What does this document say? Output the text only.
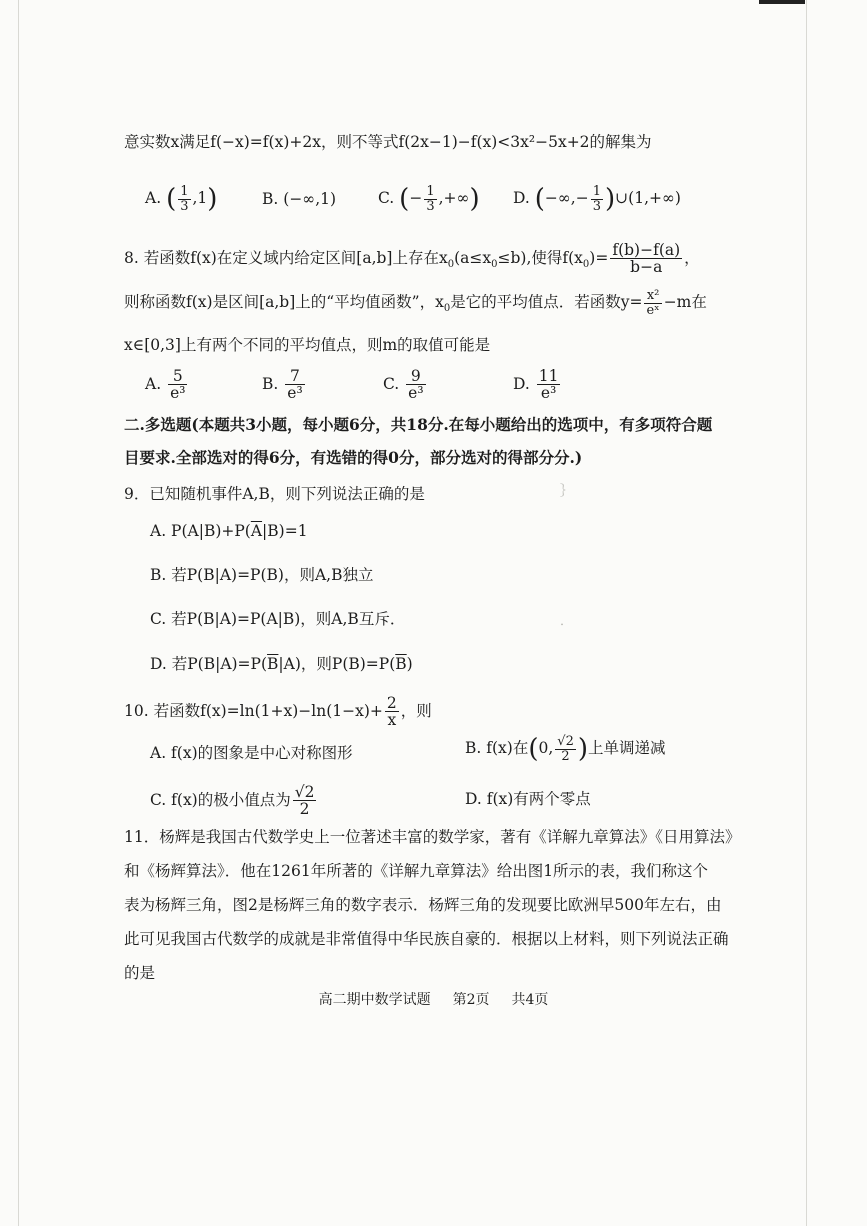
｝
．
意实数x满足f(−x)=f(x)+2x，则不等式f(2x−1)−f(x)<3x²−5x+2的解集为
A. ( $\frac{1}{3} ,1$)	B. (−∞,1)	C. (− $\frac{1}{3}$ ,+∞) D. (−∞,− $\frac{1}{3}$ )∪(1,+∞)
8. 若函数f(x)在定义域内给定区间[a,b]上存在$x_0(a\le x_0\le b)$,使得$f(x_0)= \frac{f(b)-f(a)}{b-a}$ ，
则称函数f(x)是区间[a,b]上的“平均值函数”，$x_0$是它的平均值点．若函数$y= \frac{\text{x²}}{\text{eˣ}} -m$在
x∈[0,3]上有两个不同的平均值点，则m的取值可能是
A. $\frac{5}{\text{e³}}$	B. $\frac{7}{\text{e³}}$	C. $\frac{9}{\text{e³}}$	D. $\frac{11}{\text{e³}}$
二.多选题(本题共3小题，每小题6分，共18分.在每小题给出的选项中，有多项符合题
目要求.全部选对的得6分，有选错的得0分，部分选对的得部分分.)
9．已知随机事件A,B，则下列说法正确的是
A. $P(A|B)+P(\overline{A}|B)=1$
B. 若P(B|A)=P(B)，则A,B独立
C. 若P(B|A)=P(A|B)，则A,B互斥．
D. 若$P(B|A)=P(\overline{B}|A)$，则$P(B)=P(\overline{B})$
10. 若函数$f(x)=\ln(1+x)-\ln(1-x)+ \frac{2}{x}$ ，则
A. f(x)的图象是中心对称图形	B. f(x)在(0, $\frac{√2}{2}$ )上单调递减
C. f(x)的极小值点为 $\frac{√2}{2}$	D. f(x)有两个零点
11．杨辉是我国古代数学史上一位著述丰富的数学家，著有《详解九章算法》《日用算法》
和《杨辉算法》．他在1261年所著的《详解九章算法》给出图1所示的表，我们称这个
表为杨辉三角，图2是杨辉三角的数字表示．杨辉三角的发现要比欧洲早500年左右，由
此可见我国古代数学的成就是非常值得中华民族自豪的．根据以上材料，则下列说法正确
的是
高二期中数学试题 第2页 共4页
